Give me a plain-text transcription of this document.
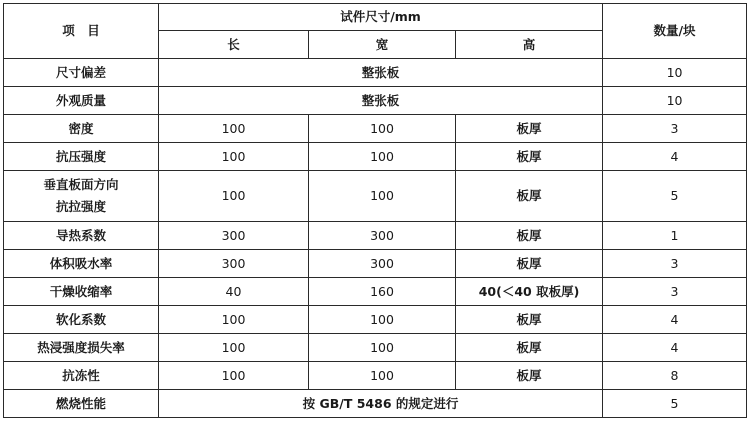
项　目	试件尺寸/mm			数量/块
	长	宽	高	
尺寸偏差	整张板			10
外观质量	整张板			10
密度	100	100	板厚	3
抗压强度	100	100	板厚	4

垂直板面方向
抗拉强度	100	100	板厚	5
导热系数	300	300	板厚	1
体积吸水率	300	300	板厚	3
干燥收缩率	40	160	40(＜40 取板厚)	3
软化系数	100	100	板厚	4
热浸强度损失率	100	100	板厚	4
抗冻性	100	100	板厚	8
燃烧性能	按 GB/T 5486 的规定进行			5
